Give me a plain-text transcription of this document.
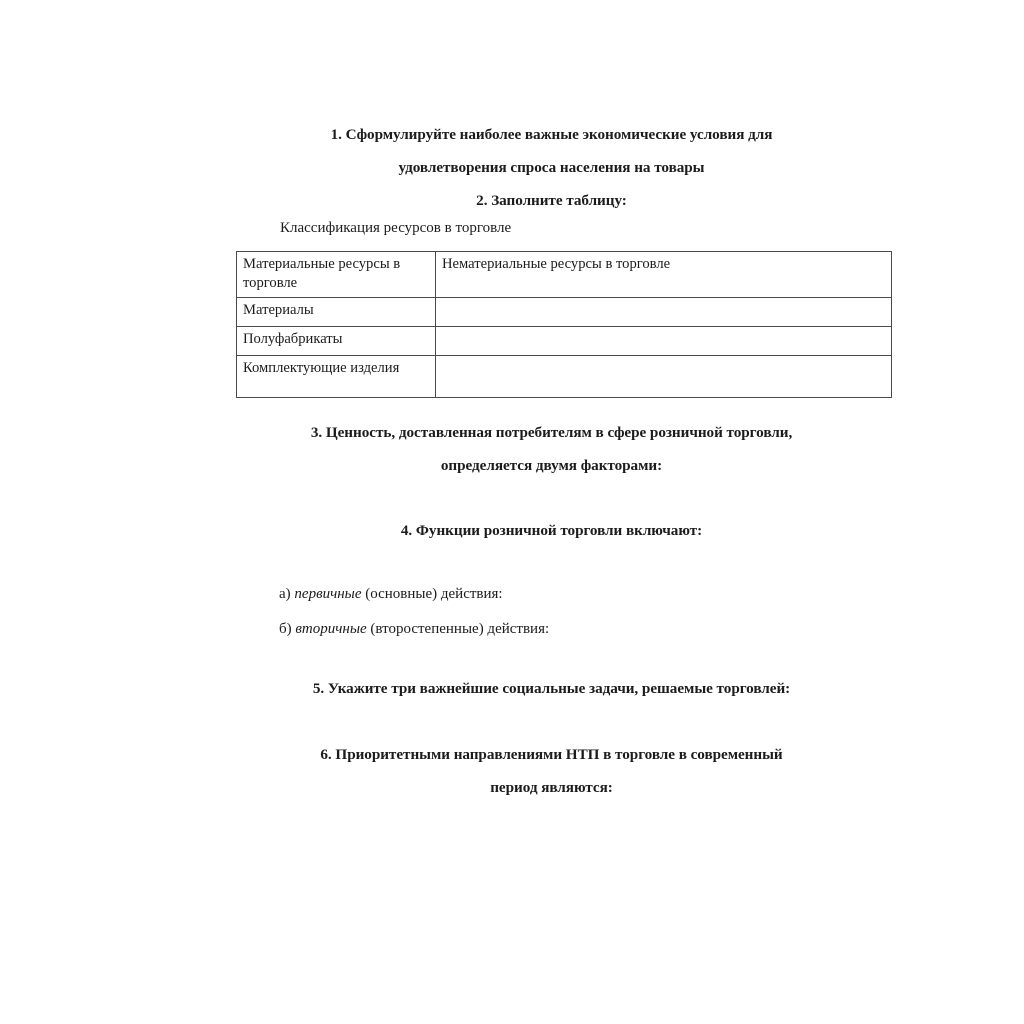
1. Сформулируйте наиболее важные экономические условия для
удовлетворения спроса населения на товары
2. Заполните таблицу:
Классификация ресурсов в торговле
Материальные ресурсы в торговле	Нематериальные ресурсы в торговле
Материалы	
Полуфабрикаты	
Комплектующие изделия	
3. Ценность, доставленная потребителям в сфере розничной торговли,
определяется двумя факторами:
4. Функции розничной торговли включают:
а) первичные (основные) действия:
б) вторичные (второстепенные) действия:
5. Укажите три важнейшие социальные задачи, решаемые торговлей:
6. Приоритетными направлениями НТП в торговле в современный
период являются:
